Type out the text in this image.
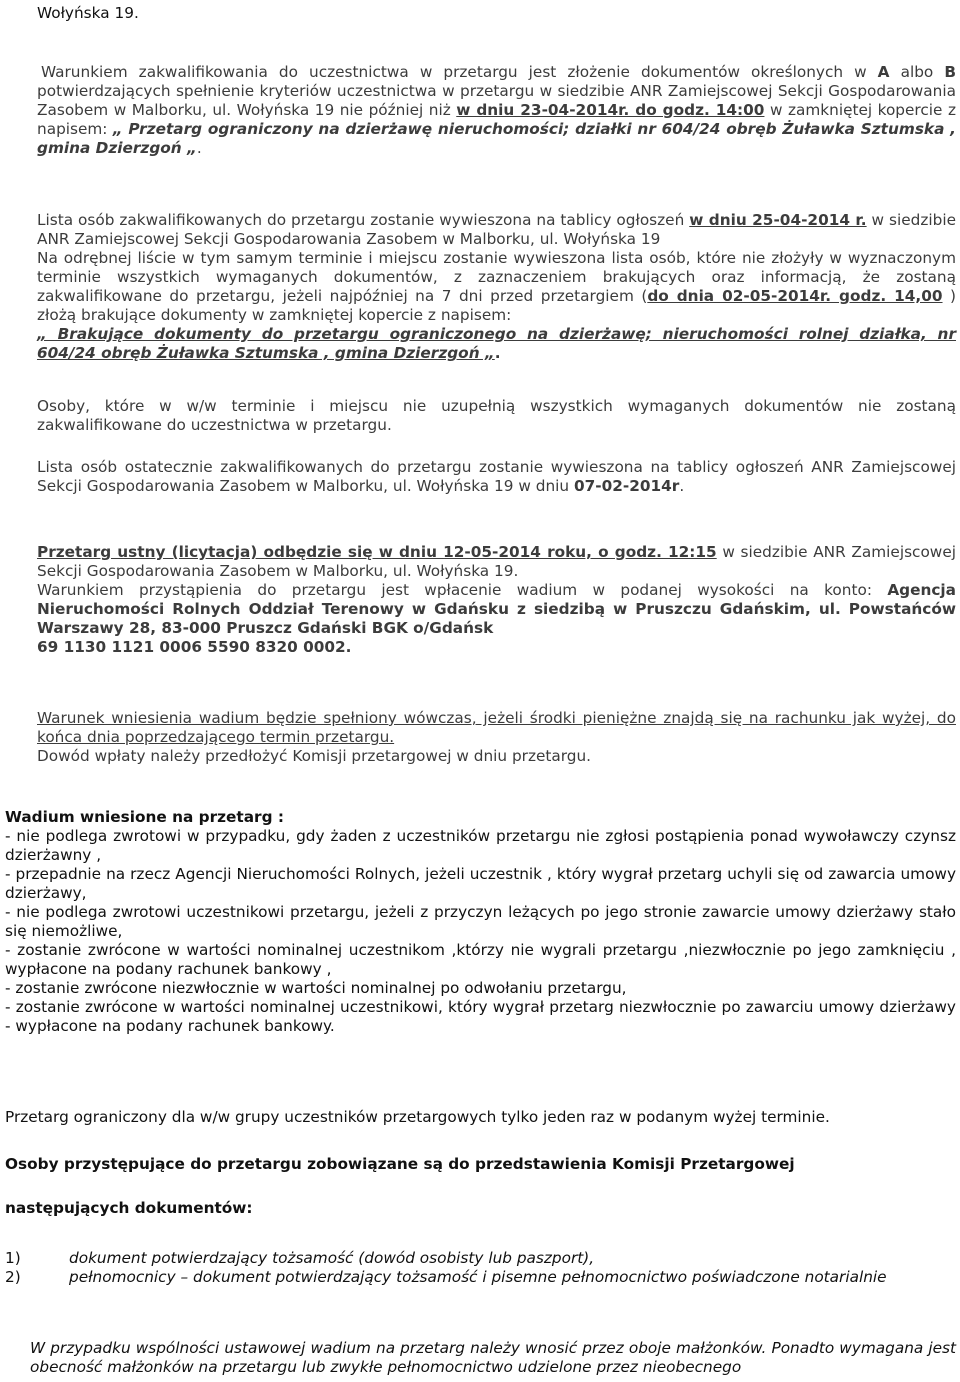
Wołyńska 19.

Warunkiem zakwalifikowania do uczestnictwa w przetargu jest złożenie dokumentów określonych w A albo B potwierdzających spełnienie kryteriów uczestnictwa w przetargu w siedzibie ANR Zamiejscowej Sekcji Gospodarowania Zasobem w Malborku, ul. Wołyńska 19 nie później niż w dniu 23-04-2014r. do godz. 14:00 w zamkniętej kopercie z napisem: „ Przetarg ograniczony na dzierżawę nieruchomości; działki nr 604/24 obręb Żuławka Sztumska , gmina Dzierzgoń „.

Lista osób zakwalifikowanych do przetargu zostanie wywieszona na tablicy ogłoszeń w dniu 25-04-2014 r. w siedzibie ANR Zamiejscowej Sekcji Gospodarowania Zasobem w Malborku, ul. Wołyńska 19

Na odrębnej liście w tym samym terminie i miejscu zostanie wywieszona lista osób, które nie złożyły w wyznaczonym terminie wszystkich wymaganych dokumentów, z zaznaczeniem brakujących oraz informacją, że zostaną zakwalifikowane do przetargu, jeżeli najpóźniej na 7 dni przed przetargiem (do dnia 02-05-2014r. godz. 14,00 ) złożą brakujące dokumenty w zamkniętej kopercie z napisem:

„ Brakujące dokumenty do przetargu ograniczonego na dzierżawę; nieruchomości rolnej działka, nr 604/24 obręb Żuławka Sztumska , gmina Dzierzgoń „.

Osoby, które w w/w terminie i miejscu nie uzupełnią wszystkich wymaganych dokumentów nie zostaną zakwalifikowane do uczestnictwa w przetargu.

Lista osób ostatecznie zakwalifikowanych do przetargu zostanie wywieszona na tablicy ogłoszeń ANR Zamiejscowej Sekcji Gospodarowania Zasobem w Malborku, ul. Wołyńska 19 w dniu 07-02-2014r.

Przetarg ustny (licytacja) odbędzie się w dniu 12-05-2014 roku, o godz. 12:15 w siedzibie ANR Zamiejscowej Sekcji Gospodarowania Zasobem w Malborku, ul. Wołyńska 19.

Warunkiem przystąpienia do przetargu jest wpłacenie wadium w podanej wysokości na konto: Agencja Nieruchomości Rolnych Oddział Terenowy w Gdańsku z siedzibą w Pruszczu Gdańskim, ul. Powstańców Warszawy 28, 83-000 Pruszcz Gdański BGK o/Gdańsk

69 1130 1121 0006 5590 8320 0002.

Warunek wniesienia wadium będzie spełniony wówczas, jeżeli środki pieniężne znajdą się na rachunku jak wyżej, do końca dnia poprzedzającego termin przetargu.

Dowód wpłaty należy przedłożyć Komisji przetargowej w dniu przetargu.

Wadium wniesione na przetarg :

- nie podlega zwrotowi w przypadku, gdy żaden z uczestników przetargu nie zgłosi postąpienia ponad wywoławczy czynsz dzierżawny ,

- przepadnie na rzecz Agencji Nieruchomości Rolnych, jeżeli uczestnik , który wygrał przetarg uchyli się od zawarcia umowy dzierżawy,

- nie podlega zwrotowi uczestnikowi przetargu, jeżeli z przyczyn leżących po jego stronie zawarcie umowy dzierżawy stało się niemożliwe,

- zostanie zwrócone w wartości nominalnej uczestnikom ,którzy nie wygrali przetargu ,niezwłocznie po jego zamknięciu , wypłacone na podany rachunek bankowy ,

- zostanie zwrócone niezwłocznie w wartości nominalnej po odwołaniu przetargu,

- zostanie zwrócone w wartości nominalnej uczestnikowi, który wygrał przetarg niezwłocznie po zawarciu umowy dzierżawy - wypłacone na podany rachunek bankowy.

Przetarg ograniczony dla w/w grupy uczestników przetargowych tylko jeden raz w podanym wyżej terminie.

Osoby przystępujące do przetargu zobowiązane są do przedstawienia Komisji Przetargowej

następujących dokumentów:

1)	dokument potwierdzający tożsamość (dowód osobisty lub paszport),

2)	pełnomocnicy – dokument potwierdzający tożsamość i pisemne pełnomocnictwo poświadczone notarialnie

W przypadku wspólności ustawowej wadium na przetarg należy wnosić przez oboje małżonków. Ponadto wymagana jest obecność małżonków na przetargu lub zwykłe pełnomocnictwo udzielone przez nieobecnego
